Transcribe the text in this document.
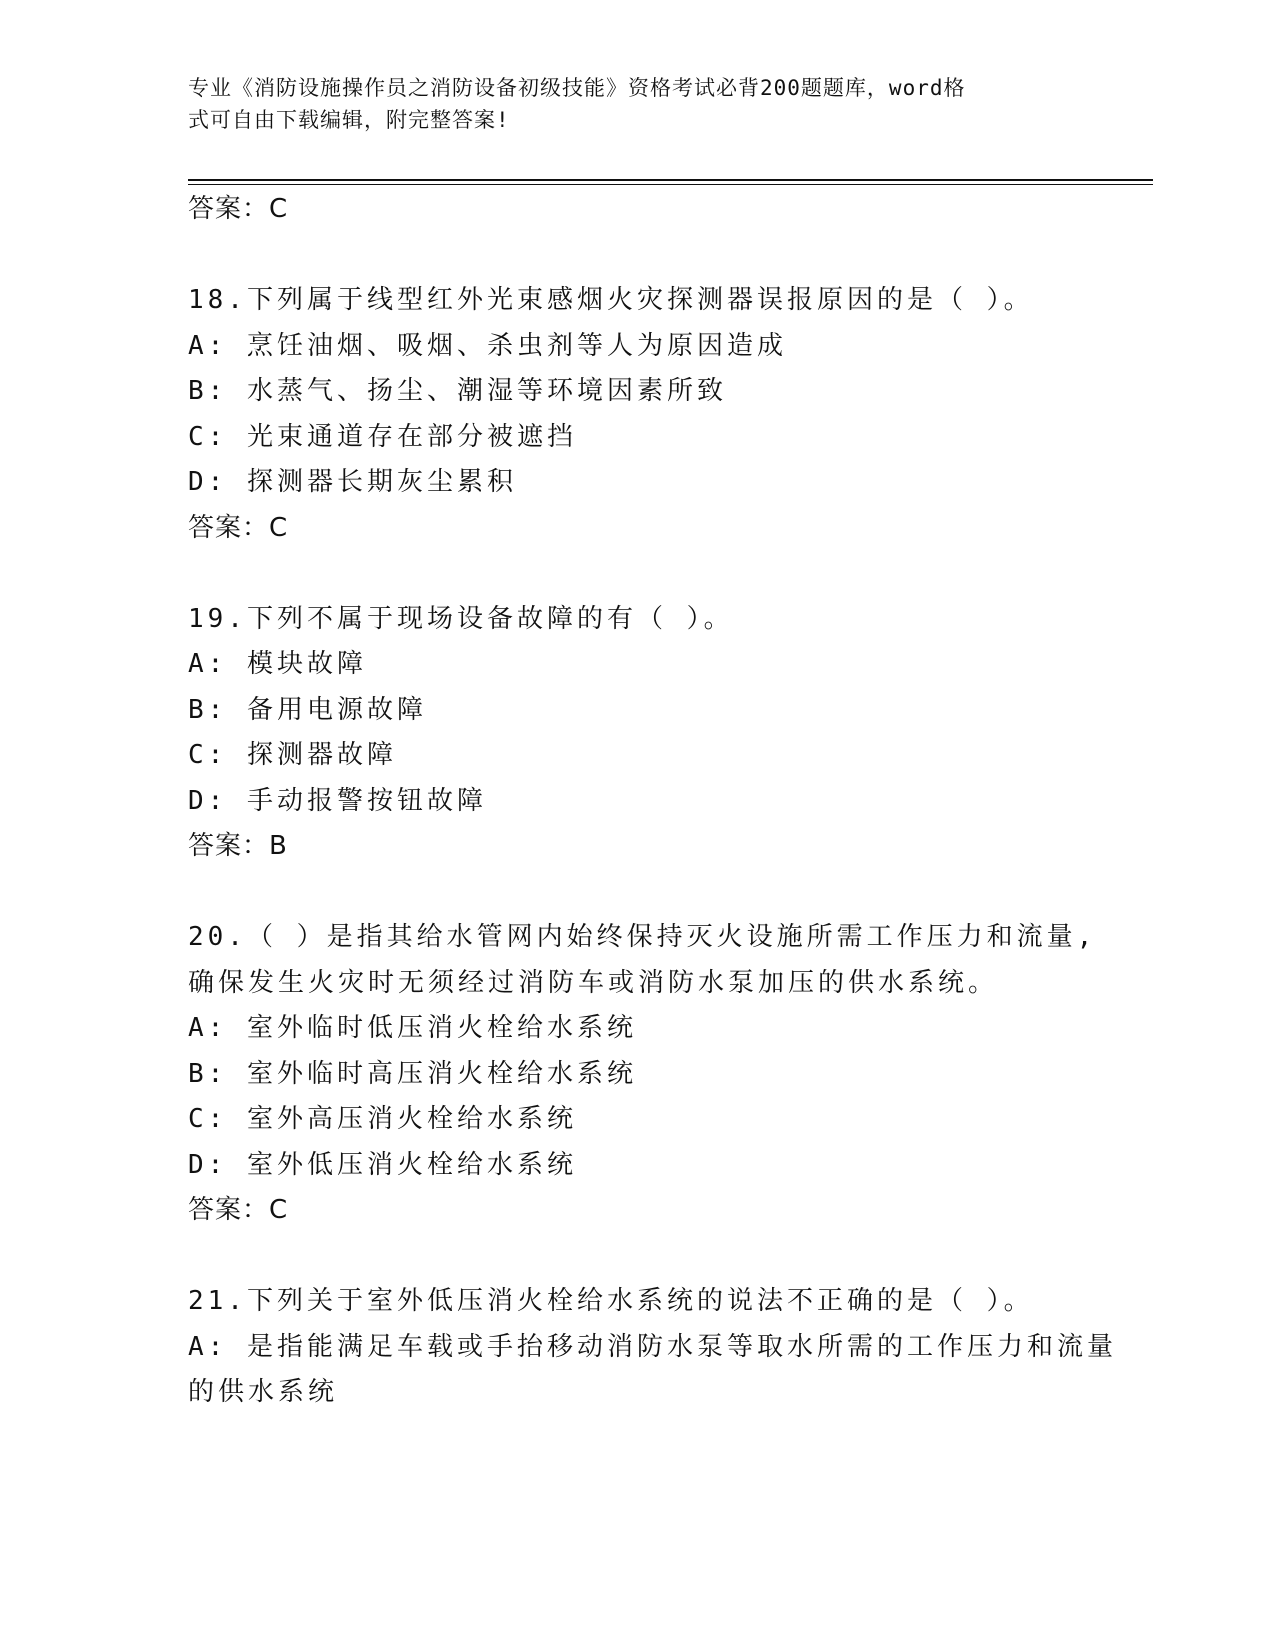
专业《消防设施操作员之消防设备初级技能》资格考试必背200题题库，word格
式可自由下载编辑，附完整答案!
答案：C
18.下列属于线型红外光束感烟火灾探测器误报原因的是（ ）。
A: 烹饪油烟、吸烟、杀虫剂等人为原因造成
B: 水蒸气、扬尘、潮湿等环境因素所致
C: 光束通道存在部分被遮挡
D: 探测器长期灰尘累积
答案：C
19.下列不属于现场设备故障的有（ ）。
A: 模块故障
B: 备用电源故障
C: 探测器故障
D: 手动报警按钮故障
答案：B
20.（ ）是指其给水管网内始终保持灭火设施所需工作压力和流量,
确保发生火灾时无须经过消防车或消防水泵加压的供水系统。
A: 室外临时低压消火栓给水系统
B: 室外临时高压消火栓给水系统
C: 室外高压消火栓给水系统
D: 室外低压消火栓给水系统
答案：C
21.下列关于室外低压消火栓给水系统的说法不正确的是（ ）。
A: 是指能满足车载或手抬移动消防水泵等取水所需的工作压力和流量
的供水系统
